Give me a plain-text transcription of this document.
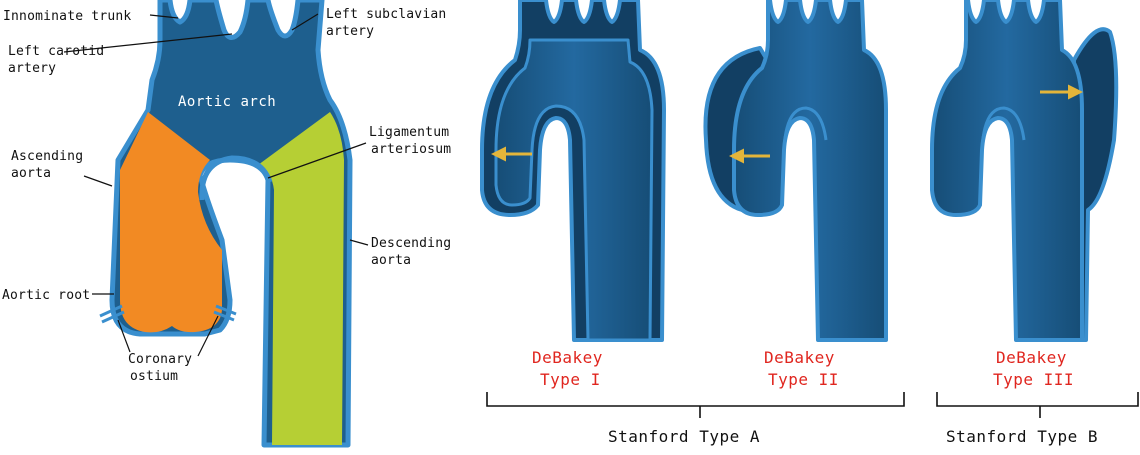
Innominate trunk
Left carotid
artery
Left subclavian
artery
Aortic arch
Ascending
aorta
Ligamentum
arteriosum
Descending
aorta
Aortic root
Coronary
ostium
DeBakey
Type I
DeBakey
Type II
DeBakey
Type III
Stanford Type A	Stanford Type B
